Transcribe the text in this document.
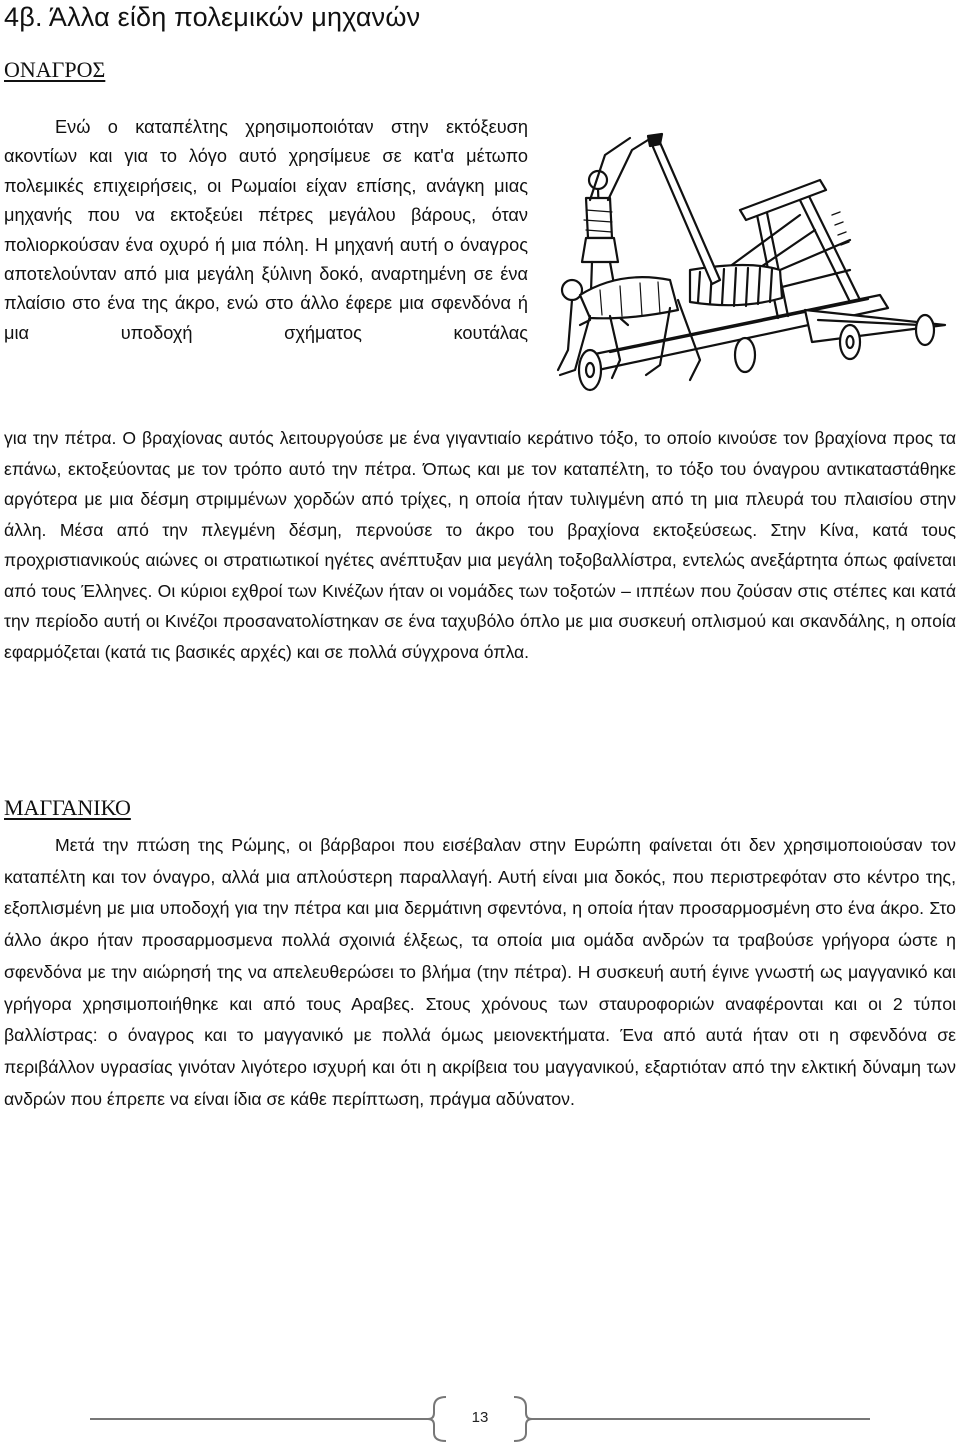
4β. Άλλα είδη πολεμικών μηχανών
ΟΝΑΓΡΟΣ

Ενώ ο καταπέλτης χρησιμοποιόταν στην εκτόξευση ακοντίων και για το λόγο αυτό χρησίμευε σε κατ'α μέτωπο πολεμικές επιχειρήσεις, οι Ρωμαίοι είχαν επίσης, ανάγκη μιας μηχανής που να εκτοξεύει πέτρες μεγάλου βάρους, όταν πολιορκούσαν ένα οχυρό ή μια πόλη. Η μηχανή αυτή ο όναγρος αποτελούνταν από μια μεγάλη ξύλινη δοκό, αναρτημένη σε ένα πλαίσιο στο ένα της άκρο, ενώ στο άλλο έφερε μια σφενδόνα ή μια υποδοχή σχήματος κουτάλας

για την πέτρα. Ο βραχίονας αυτός λειτουργούσε με ένα γιγαντιαίο κεράτινο τόξο, το οποίο κινούσε τον βραχίονα προς τα επάνω, εκτοξεύοντας με τον τρόπο αυτό την πέτρα. Όπως και με τον καταπέλτη, το τόξο του όναγρου αντικαταστάθηκε αργότερα με μια δέσμη στριμμένων χορδών από τρίχες, η οποία ήταν τυλιγμένη από τη μια πλευρά του πλαισίου στην άλλη. Μέσα από την πλεγμένη δέσμη, περνούσε το άκρο του βραχίονα εκτοξεύσεως. Στην Κίνα, κατά τους προχριστιανικούς αιώνες οι στρατιωτικοί ηγέτες ανέπτυξαν μια μεγάλη τοξοβαλλίστρα, εντελώς ανεξάρτητα όπως φαίνεται από τους Έλληνες. Οι κύριοι εχθροί των Κινέζων ήταν οι νομάδες των τοξοτών – ιππέων που ζούσαν στις στέπες και κατά την περίοδο αυτή οι Κινέζοι προσανατολίστηκαν σε ένα ταχυβόλο όπλο με μια συσκευή οπλισμού και σκανδάλης, η οποία εφαρμόζεται (κατά τις βασικές αρχές) και σε πολλά σύγχρονα όπλα.

ΜΑΓΓΑΝΙΚΟ

Μετά την πτώση της Ρώμης, οι βάρβαροι που εισέβαλαν στην Ευρώπη φαίνεται ότι δεν χρησιμοποιούσαν τον καταπέλτη και τον όναγρο, αλλά μια απλούστερη παραλλαγή. Αυτή είναι μια δοκός, που περιστρεφόταν στο κέντρο της, εξοπλισμένη με μια υποδοχή για την πέτρα και μια δερμάτινη σφεντόνα, η οποία ήταν προσαρμοσμένη στο ένα άκρο. Στο άλλο άκρο ήταν προσαρμοσμενα πολλά σχοινιά έλξεως, τα οποία μια ομάδα ανδρών τα τραβούσε γρήγορα ώστε η σφενδόνα με την αιώρησή της να απελευθερώσει το βλήμα (την πέτρα). Η συσκευή αυτή έγινε γνωστή ως μαγγανικό και γρήγορα χρησιμοποιήθηκε και από τους Αραβες. Στους χρόνους των σταυροφοριών αναφέρονται και οι 2 τύποι βαλλίστρας: ο όναγρος και το μαγγανικό με πολλά όμως μειονεκτήματα. Ένα από αυτά ήταν οτι η σφενδόνα σε περιβάλλον υγρασίας γινόταν λιγότερο ισχυρή και ότι η ακρίβεια του μαγγανικού, εξαρτιόταν από την ελκτική δύναμη των ανδρών που έπρεπε να είναι ίδια σε κάθε περίπτωση, πράγμα αδύνατον.

13
